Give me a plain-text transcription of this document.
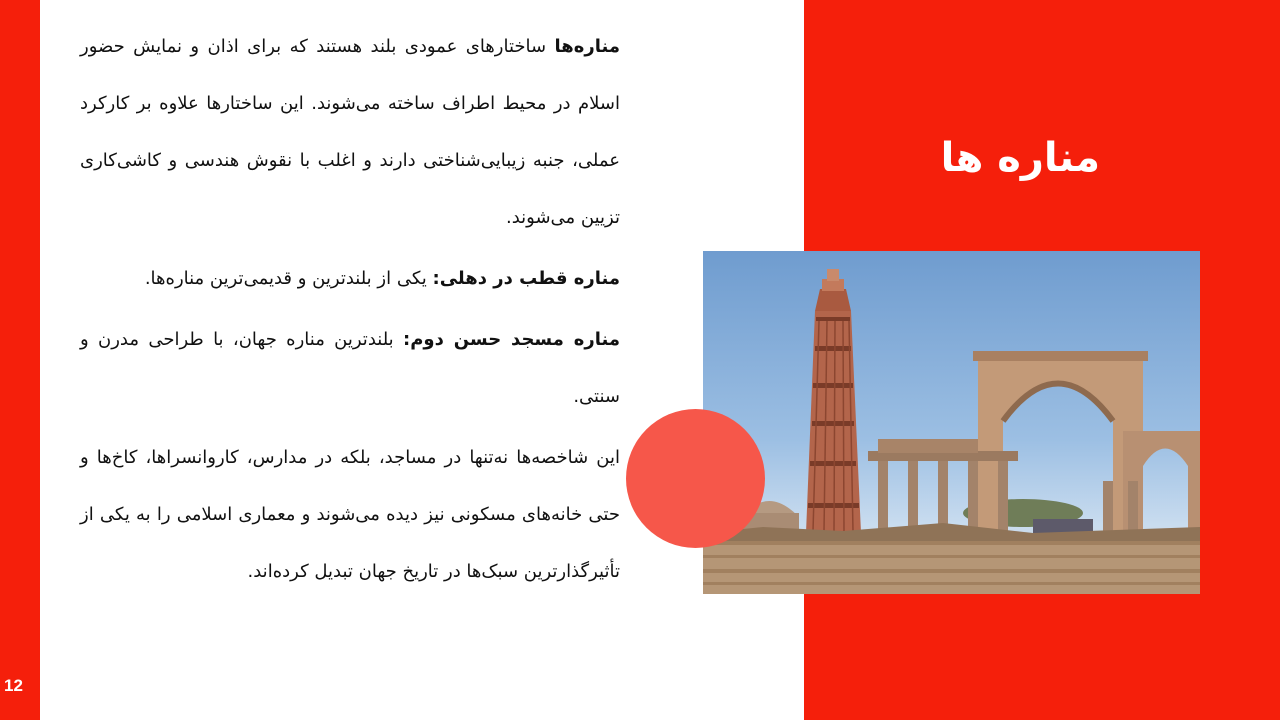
12
مناره ها

مناره‌ها ساختارهای عمودی بلند هستند که برای اذان و نمایش حضور اسلام در محیط اطراف ساخته می‌شوند. این ساختارها علاوه بر کارکرد عملی، جنبه زیبایی‌شناختی دارند و اغلب با نقوش هندسی و کاشی‌کاری تزیین می‌شوند.

مناره قطب در دهلی: یکی از بلندترین و قدیمی‌ترین مناره‌ها.

مناره مسجد حسن دوم: بلندترین مناره جهان، با طراحی مدرن و سنتی.

این شاخصه‌ها نه‌تنها در مساجد، بلکه در مدارس، کاروانسراها، کاخ‌ها و حتی خانه‌های مسکونی نیز دیده می‌شوند و معماری اسلامی را به یکی از تأثیرگذارترین سبک‌ها در تاریخ جهان تبدیل کرده‌اند.
